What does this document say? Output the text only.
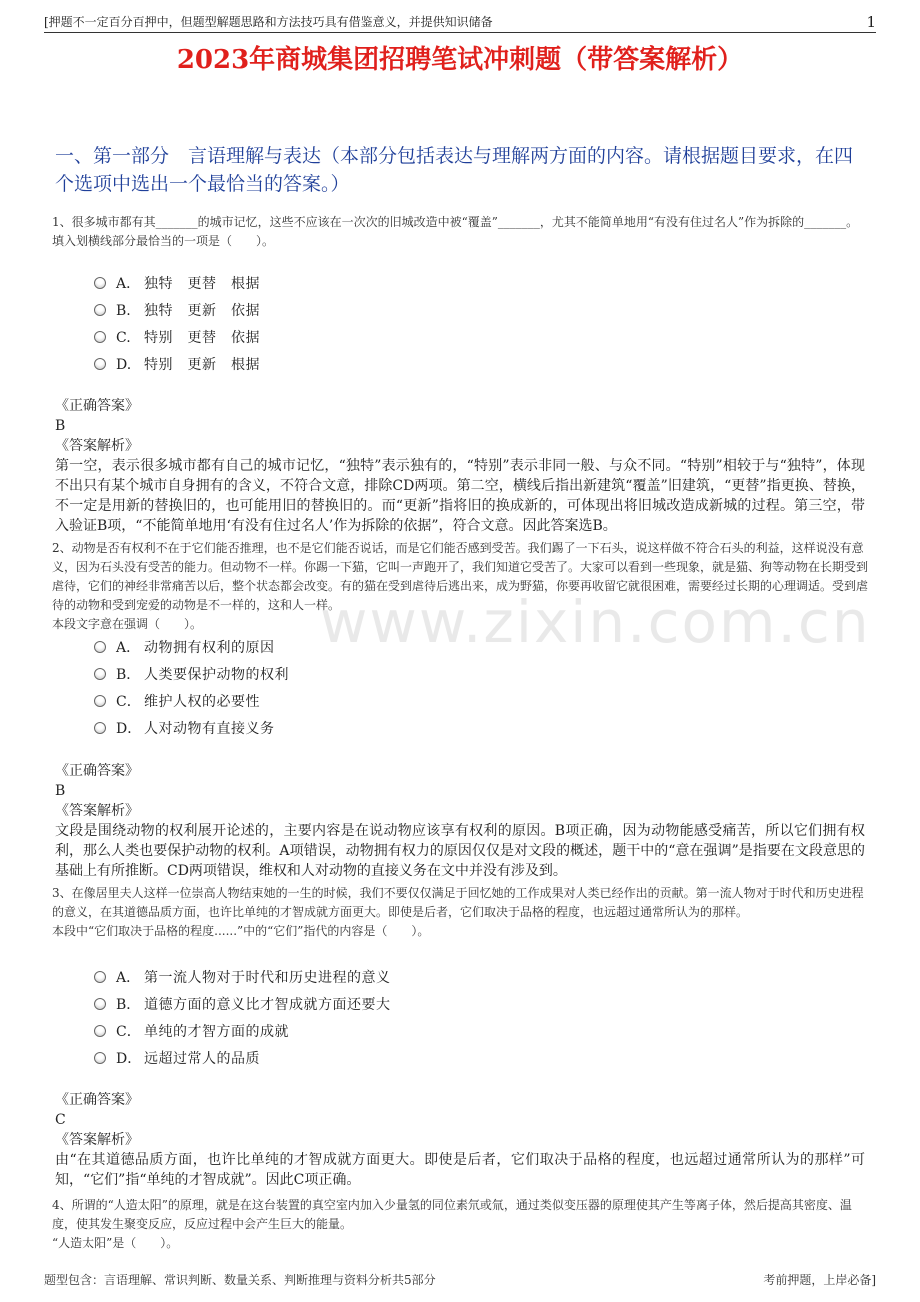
[押题不一定百分百押中，但题型解题思路和方法技巧具有借鉴意义，并提供知识储备	1
2023年商城集团招聘笔试冲刺题（带答案解析）
一、第一部分　言语理解与表达（本部分包括表达与理解两方面的内容。请根据题目要求，在四个选项中选出一个最恰当的答案。）
1、很多城市都有其_______的城市记忆，这些不应该在一次次的旧城改造中被“覆盖”_______，尤其不能简单地用“有没有住过名人”作为拆除的_______。
填入划横线部分最恰当的一项是（　　）。
A． 独特　更替　根据
B. 独特　更新　依据
C. 特别　更替　依据
D. 特别　更新　根据
《正确答案》
B
《答案解析》
第一空，表示很多城市都有自己的城市记忆，“独特”表示独有的，“特别”表示非同一般、与众不同。“特别”相较于与“独特”，体现不出只有某个城市自身拥有的含义，不符合文意，排除CD两项。第二空，横线后指出新建筑“覆盖”旧建筑，“更替”指更换、替换，不一定是用新的替换旧的，也可能用旧的替换旧的。而“更新”指将旧的换成新的，可体现出将旧城改造成新城的过程。第三空，带入验证B项，“不能简单地用‘有没有住过名人’作为拆除的依据”，符合文意。因此答案选B。
2、动物是否有权利不在于它们能否推理，也不是它们能否说话，而是它们能否感到受苦。我们踢了一下石头，说这样做不符合石头的利益，这样说没有意义，因为石头没有受苦的能力。但动物不一样。你踢一下猫，它叫一声跑开了，我们知道它受苦了。大家可以看到一些现象，就是猫、狗等动物在长期受到虐待，它们的神经非常痛苦以后，整个状态都会改变。有的猫在受到虐待后逃出来，成为野猫，你要再收留它就很困难，需要经过长期的心理调适。受到虐待的动物和受到宠爱的动物是不一样的，这和人一样。
本段文字意在强调（　　）。
A． 动物拥有权利的原因
B． 人类要保护动物的权利
C． 维护人权的必要性
D． 人对动物有直接义务
《正确答案》
B
《答案解析》
文段是围绕动物的权利展开论述的，主要内容是在说动物应该享有权利的原因。B项正确，因为动物能感受痛苦，所以它们拥有权利，那么人类也要保护动物的权利。A项错误，动物拥有权力的原因仅仅是对文段的概述，题干中的“意在强调”是指要在文段意思的基础上有所推断。CD两项错误，维权和人对动物的直接义务在文中并没有涉及到。
3、在像居里夫人这样一位崇高人物结束她的一生的时候，我们不要仅仅满足于回忆她的工作成果对人类已经作出的贡献。第一流人物对于时代和历史进程的意义，在其道德品质方面，也许比单纯的才智成就方面更大。即使是后者，它们取决于品格的程度，也远超过通常所认为的那样。
本段中“它们取决于品格的程度......”中的“它们”指代的内容是（　　）。
A． 第一流人物对于时代和历史进程的意义
B． 道德方面的意义比才智成就方面还要大
C． 单纯的才智方面的成就
D． 远超过常人的品质
《正确答案》
C
《答案解析》
由“在其道德品质方面，也许比单纯的才智成就方面更大。即使是后者，它们取决于品格的程度，也远超过通常所认为的那样”可知，“它们”指“单纯的才智成就”。因此C项正确。
4、所谓的“人造太阳”的原理，就是在这台装置的真空室内加入少量氢的同位素氘或氚，通过类似变压器的原理使其产生等离子体，然后提高其密度、温度，使其发生聚变反应，反应过程中会产生巨大的能量。
“人造太阳”是（　　）。
www.zixin.com.cn
题型包含：言语理解、常识判断、数量关系、判断推理与资料分析共5部分	考前押题，上岸必备]
